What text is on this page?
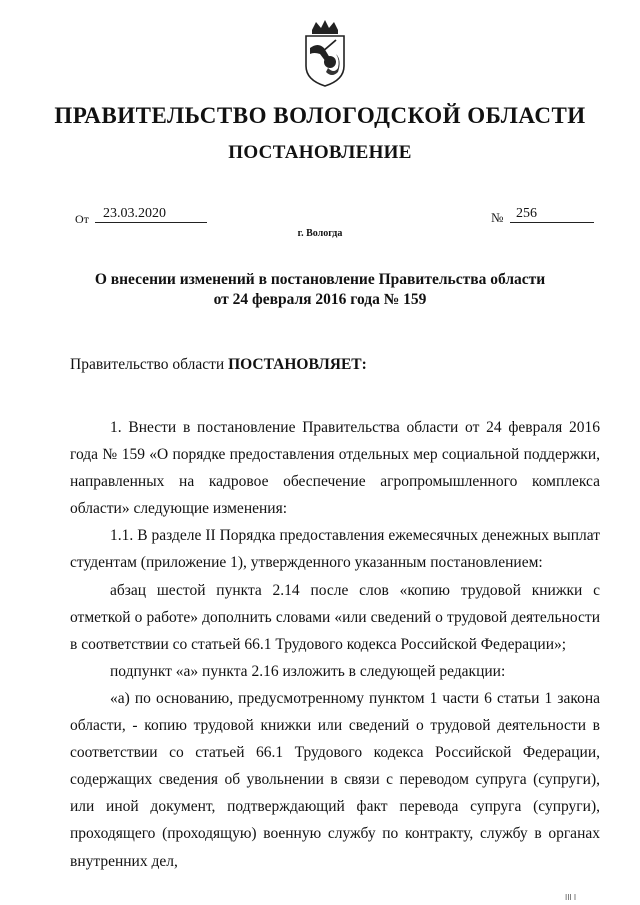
ПРАВИТЕЛЬСТВО ВОЛОГОДСКОЙ ОБЛАСТИ
ПОСТАНОВЛЕНИЕ
От	23.03.2020	№ 256
г. Вологда
О внесении изменений в постановление Правительства области
от 24 февраля 2016 года № 159
Правительство области ПОСТАНОВЛЯЕТ:

1. Внести в постановление Правительства области от 24 февраля 2016 года № 159 «О порядке предоставления отдельных мер социальной поддержки, направленных на кадровое обеспечение агропромышленного комплекса области» следующие изменения:

1.1. В разделе II Порядка предоставления ежемесячных денежных выплат студентам (приложение 1), утвержденного указанным постановлением:

абзац шестой пункта 2.14 после слов «копию трудовой книжки с отметкой о работе» дополнить словами «или сведений о трудовой деятельности в соответствии со статьей 66.1 Трудового кодекса Российской Федерации»;

подпункт «а» пункта 2.16 изложить в следующей редакции:

«а) по основанию, предусмотренному пунктом 1 части 6 статьи 1 закона области, - копию трудовой книжки или сведений о трудовой деятельности в соответствии со статьей 66.1 Трудового кодекса Российской Федерации, содержащих сведения об увольнении в связи с переводом супруга (супруги), или иной документ, подтверждающий факт перевода супруга (супруги), проходящего (проходящую) военную службу по контракту, службу в органах внутренних дел,

III I
